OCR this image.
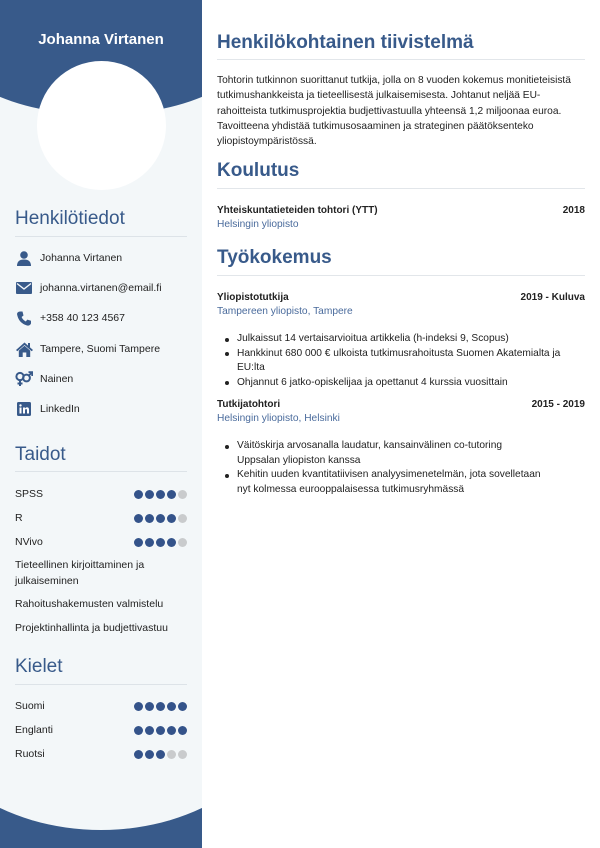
Johanna Virtanen
Henkilötiedot
Johanna Virtanen
johanna.virtanen@email.fi
+358 40 123 4567
Tampere, Suomi Tampere
Nainen
LinkedIn
Taidot
SPSS
R
NVivo
Tieteellinen kirjoittaminen ja julkaiseminen
Rahoitushakemusten valmistelu
Projektinhallinta ja budjettivastuu
Kielet
Suomi
Englanti
Ruotsi
Henkilökohtainen tiivistelmä

Tohtorin tutkinnon suorittanut tutkija, jolla on 8 vuoden kokemus monitieteisistä tutkimushankkeista ja tieteellisestä julkaisemisesta. Johtanut neljää EU-rahoitteista tutkimusprojektia budjettivastuulla yhteensä 1,2 miljoonaa euroa. Tavoitteena yhdistää tutkimusosaaminen ja strateginen päätöksenteko yliopistoympäristössä.

Koulutus
Yhteiskuntatieteiden tohtori (YTT)	2018
Helsingin yliopisto
Työkokemus
Yliopistotutkija	2019 - Kuluva
Tampereen yliopisto, Tampere
Julkaissut 14 vertaisarvioitua artikkelia (h-indeksi 9, Scopus)
Hankkinut 680 000 € ulkoista tutkimusrahoitusta Suomen Akatemialta ja EU:lta
Ohjannut 6 jatko-opiskelijaa ja opettanut 4 kurssia vuosittain
Tutkijatohtori	2015 - 2019
Helsingin yliopisto, Helsinki
Väitöskirja arvosanalla laudatur, kansainvälinen co-tutoring Uppsalan yliopiston kanssa
Kehitin uuden kvantitatiivisen analyysimenetelmän, jota sovelletaan nyt kolmessa eurooppalaisessa tutkimusryhmässä
